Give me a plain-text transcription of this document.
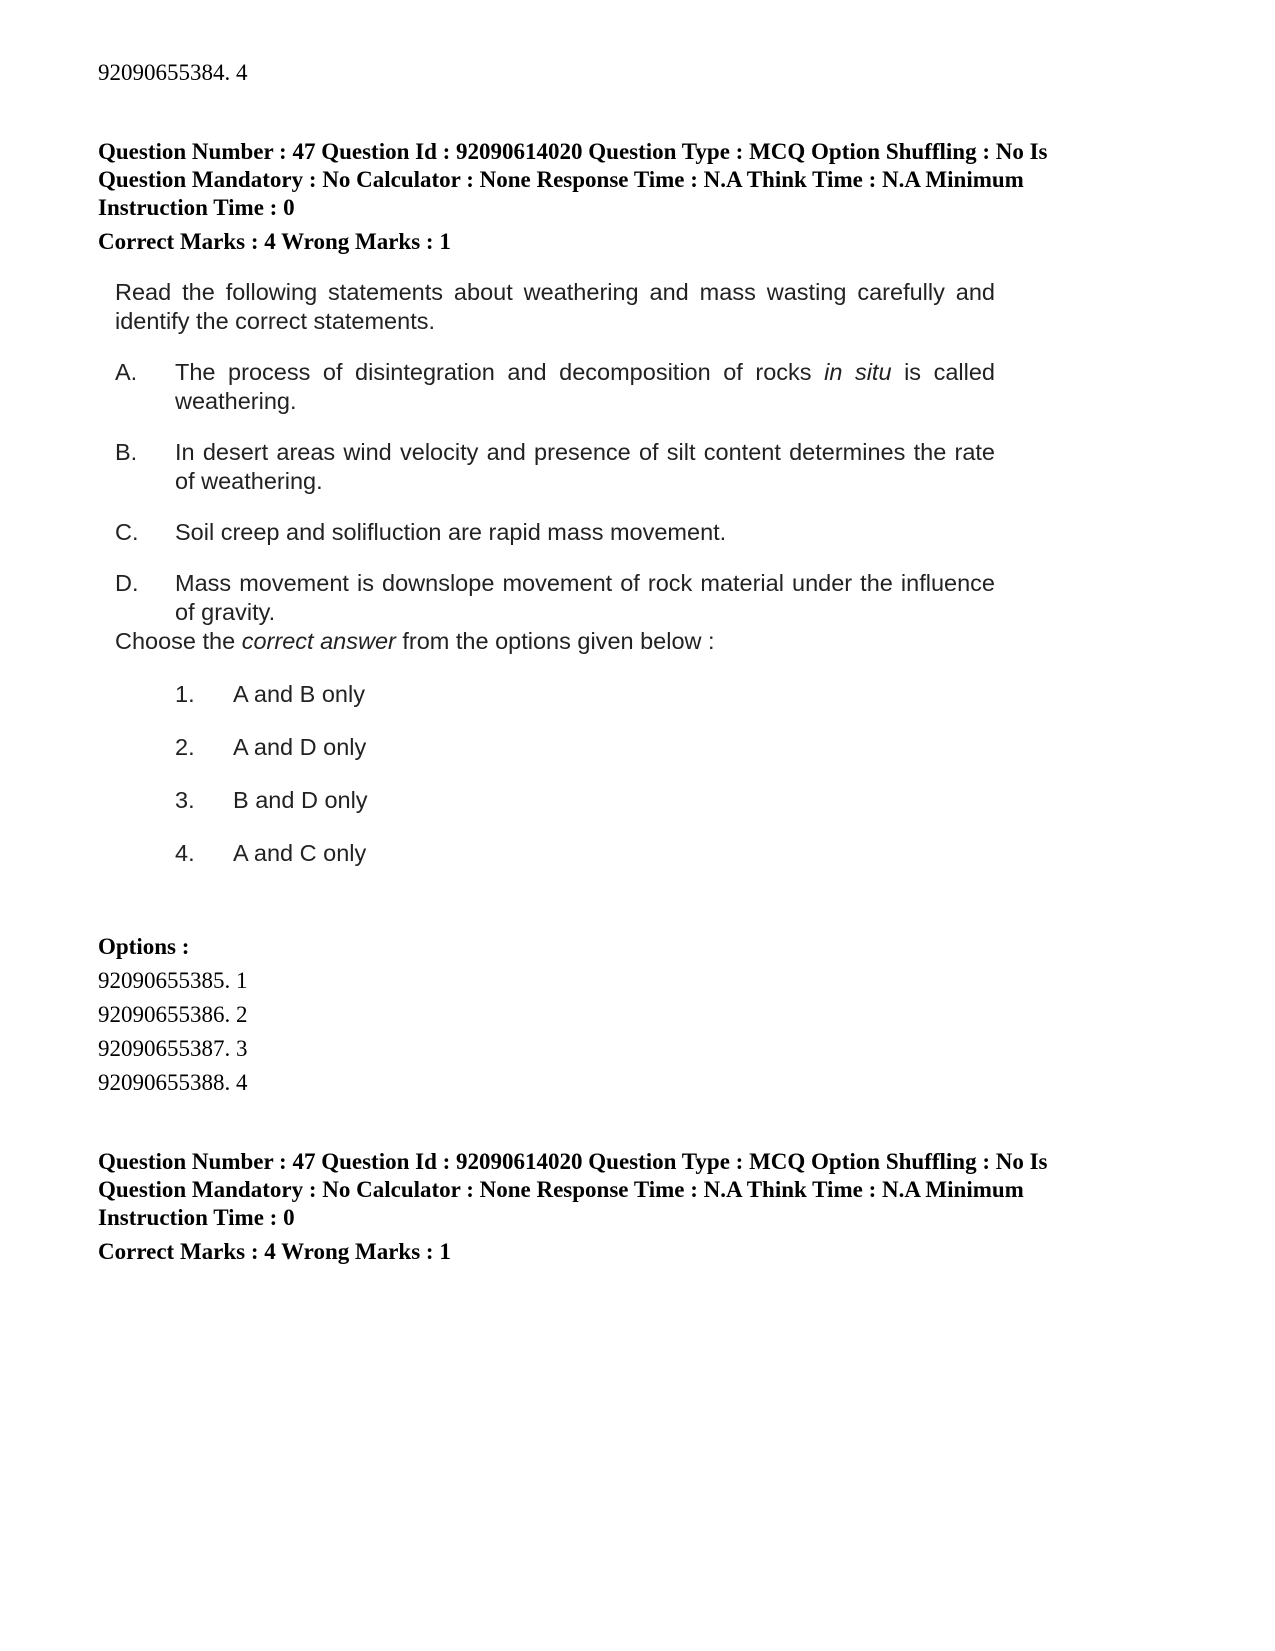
92090655384. 4
Question Number : 47 Question Id : 92090614020 Question Type : MCQ Option Shuffling : No Is
Question Mandatory : No Calculator : None Response Time : N.A Think Time : N.A Minimum
Instruction Time : 0
Correct Marks : 4 Wrong Marks : 1

Read the following statements about weathering and mass wasting carefully and identify the correct statements.

A.	The process of disintegration and decomposition of rocks in situ is called weathering.
B.	In desert areas wind velocity and presence of silt content determines the rate of weathering.
C.	Soil creep and solifluction are rapid mass movement.
D.	Mass movement is downslope movement of rock material under the influence of gravity.

Choose the correct answer from the options given below :

1.	A and B only
2.	A and D only
3.	B and D only
4.	A and C only
Options :
92090655385. 1
92090655386. 2
92090655387. 3
92090655388. 4
Question Number : 47 Question Id : 92090614020 Question Type : MCQ Option Shuffling : No Is
Question Mandatory : No Calculator : None Response Time : N.A Think Time : N.A Minimum
Instruction Time : 0
Correct Marks : 4 Wrong Marks : 1
